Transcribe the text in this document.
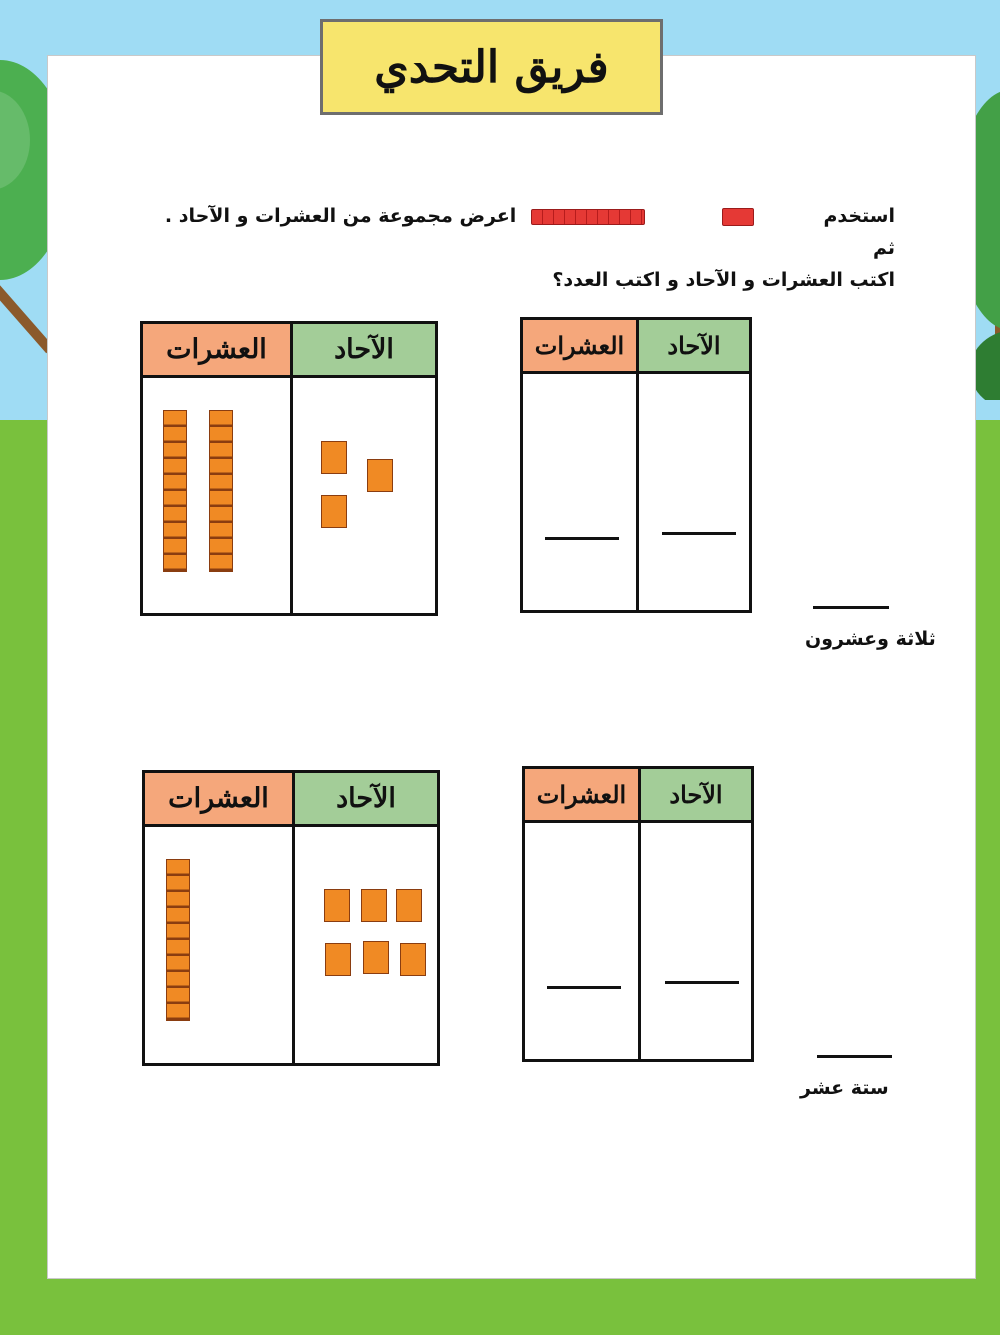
فريق التحدي
استخدم     اعرض مجموعة من العشرات و الآحاد . ثم
اكتب العشرات و الآحاد و اكتب العدد؟
العشرات	الآحاد	العشرات	الآحاد
ثلاثة وعشرون
العشرات	الآحاد	العشرات	الآحاد
ستة عشر
